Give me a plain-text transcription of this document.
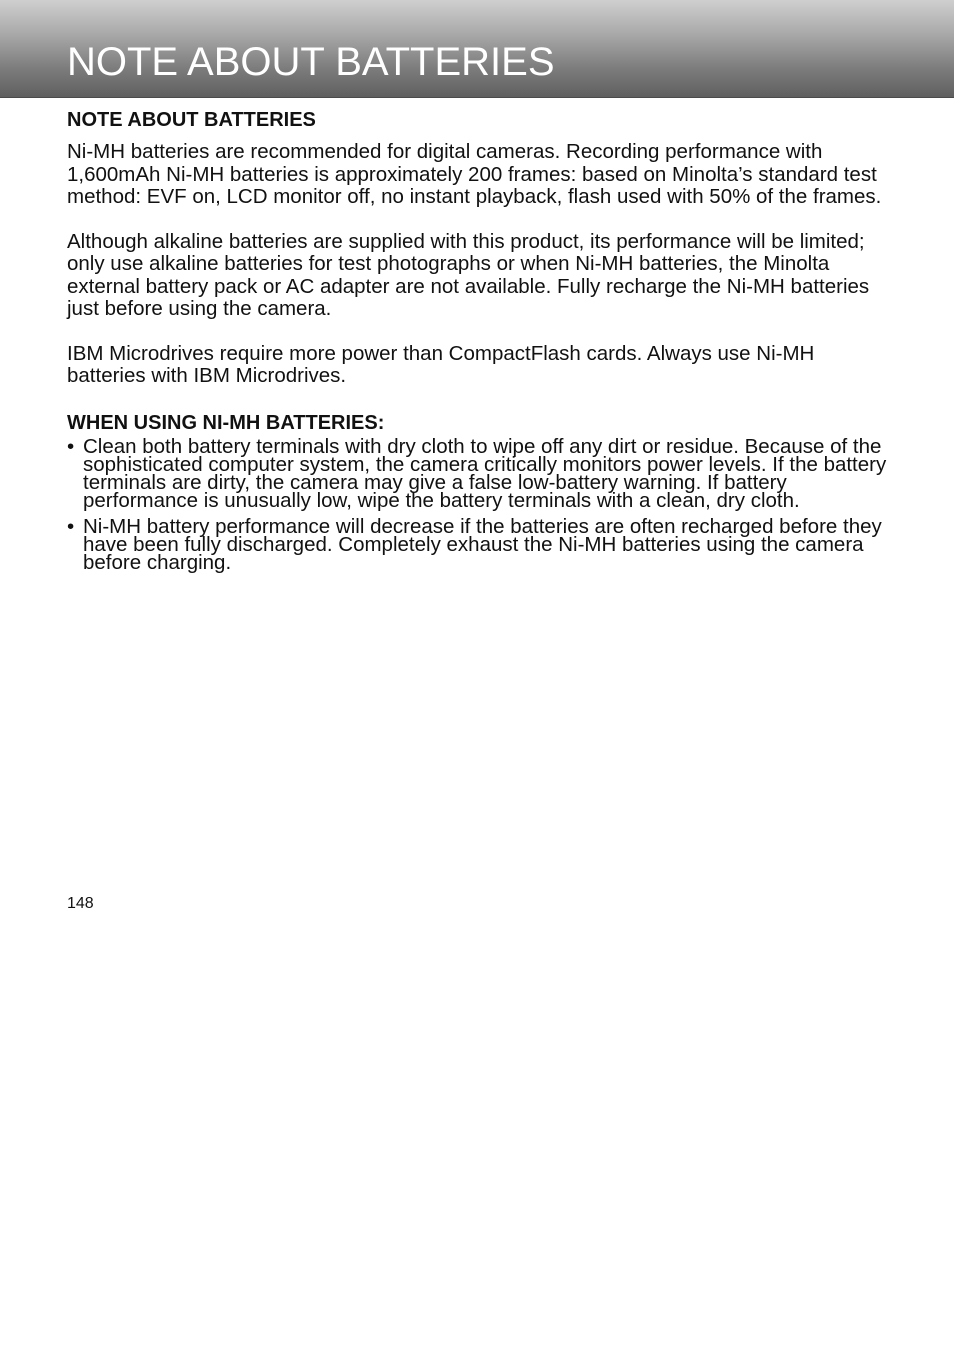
NOTE ABOUT BATTERIES
NOTE ABOUT BATTERIES

Ni-MH batteries are recommended for digital cameras. Recording performance with 1,600mAh Ni-MH batteries is approximately 200 frames: based on Minolta’s standard test method: EVF on, LCD monitor off, no instant playback, flash used with 50% of the frames.

Although alkaline batteries are supplied with this product, its performance will be limited; only use alkaline batteries for test photographs or when Ni-MH batteries, the Minolta external battery pack or AC adapter are not available. Fully recharge the Ni-MH batteries just before using the camera.

IBM Microdrives require more power than CompactFlash cards. Always use Ni-MH batteries with IBM Microdrives.

WHEN USING NI-MH BATTERIES:
• Clean both battery terminals with dry cloth to wipe off any dirt or residue. Because of the sophisticated computer system, the camera critically monitors power levels. If the battery terminals are dirty, the camera may give a false low-battery warning. If battery performance is unusually low, wipe the battery terminals with a clean, dry cloth.
• Ni-MH battery performance will decrease if the batteries are often recharged before they have been fully discharged. Completely exhaust the Ni-MH batteries using the camera before charging.
148
